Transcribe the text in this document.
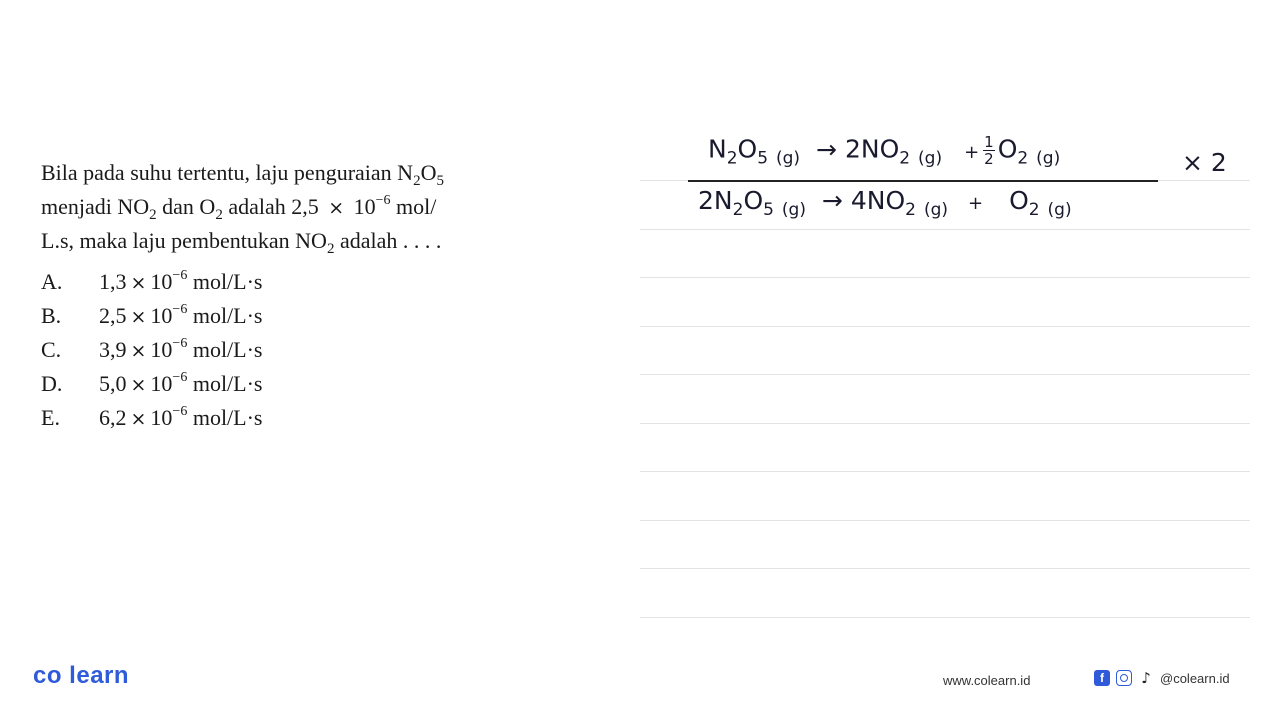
Bila pada suhu tertentu, laju penguraian $N_2O_5$
menjadi $NO_2$ dan $O_2$ adalah $2,5 \times 10^{-6}$ mol/
L.s, maka laju pembentukan $NO_2$ adalah . . . .
A. $1,3 \times 10^{-6}$ mol/L·s
B. $2,5 \times 10^{-6}$ mol/L·s
C. $3,9 \times 10^{-6}$ mol/L·s
D. $5,0 \times 10^{-6}$ mol/L·s
E. $6,2 \times 10^{-6}$ mol/L·s
$N_2O_5$ $_{(g)} \to 2NO_2$ $_{(g)} + \frac{1}{2} O_2$ $_{(g)}$	× 2
$2N_2O_5$ $_{(g)} \to 4NO_2$ $_{(g)} + O_2$ $_{(g)}$
co learn	www.colearn.id	f	♪ @colearn.id
